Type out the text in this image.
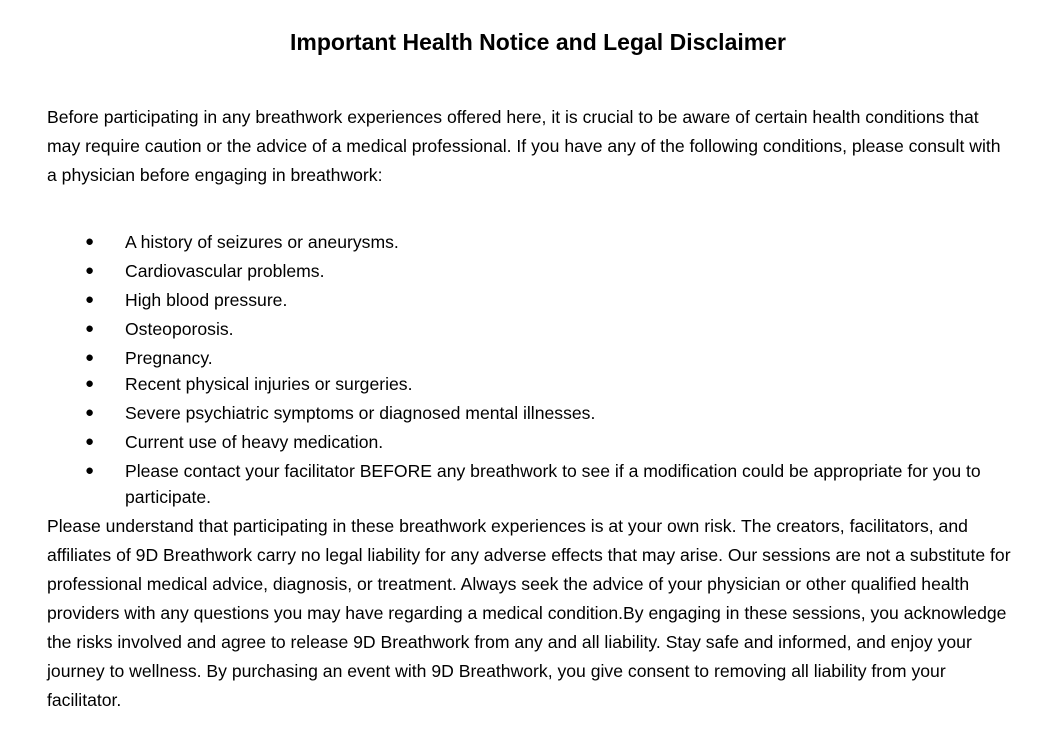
Important Health Notice and Legal Disclaimer

Before participating in any breathwork experiences offered here, it is crucial to be aware of certain health conditions that may require caution or the advice of a medical professional. If you have any of the following conditions, please consult with a physician before engaging in breathwork:

● A history of seizures or aneurysms.
● Cardiovascular problems.
● High blood pressure.
● Osteoporosis.
● Pregnancy.
● Recent physical injuries or surgeries.
● Severe psychiatric symptoms or diagnosed mental illnesses.
● Current use of heavy medication.
● Please contact your facilitator BEFORE any breathwork to see if a modification could be appropriate for you to participate.

Please understand that participating in these breathwork experiences is at your own risk. The creators, facilitators, and affiliates of 9D Breathwork carry no legal liability for any adverse effects that may arise. Our sessions are not a substitute for professional medical advice, diagnosis, or treatment. Always seek the advice of your physician or other qualified health providers with any questions you may have regarding a medical condition.By engaging in these sessions, you acknowledge the risks involved and agree to release 9D Breathwork from any and all liability. Stay safe and informed, and enjoy your journey to wellness. By purchasing an event with 9D Breathwork, you give consent to removing all liability from your facilitator.
